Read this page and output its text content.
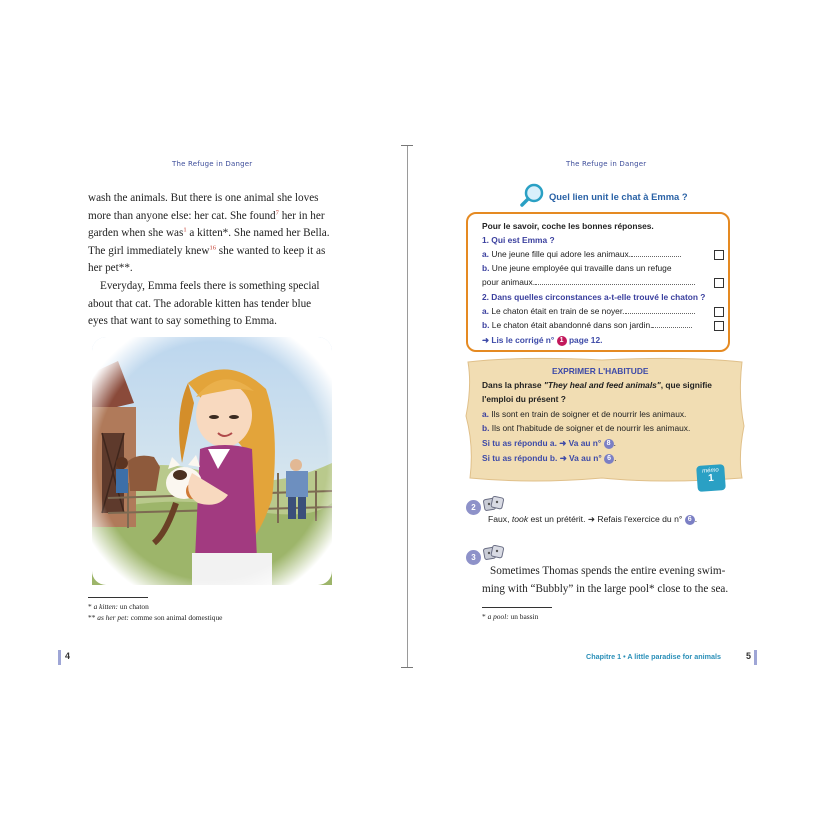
The Refuge in Danger

wash the animals. But there is one animal she loves

more than anyone else: her cat. She found$^7$ her in her

garden when she was$^1$ a kitten*. She named her Bella.

The girl immediately knew$^{16}$ she wanted to keep it as

her pet**.

Everyday, Emma feels there is something special

about that cat. The adorable kitten has tender blue

eyes that want to say something to Emma.

* a kitten: un chaton
** as her pet: comme son animal domestique
4
The Refuge in Danger
Quel lien unit le chat à Emma ?
Pour le savoir, coche les bonnes réponses.
1. Qui est Emma ?
a. Une jeune fille qui adore les animaux.
b. Une jeune employée qui travaille dans un refuge
pour animaux.
2. Dans quelles circonstances a-t-elle trouvé le chaton ?
a. Le chaton était en train de se noyer.
b. Le chaton était abandonné dans son jardin.
➜ Lis le corrigé n° 1 page 12.
EXPRIMER L'HABITUDE
Dans la phrase "They heal and feed animals", que signifie
l'emploi du présent ?
a. Ils sont en train de soigner et de nourrir les animaux.
b. Ils ont l'habitude de soigner et de nourrir les animaux.
Si tu as répondu a. ➜ Va au n° 8 .
Si tu as répondu b. ➜ Va au n° 6 .
mémo
1
2
Faux, took est un prétérit. ➜ Refais l'exercice du n° 6 .
3

Sometimes Thomas spends the entire evening swim-

ming with “Bubbly” in the large pool* close to the sea.

* a pool: un bassin
Chapitre 1 • A little paradise for animals	5
